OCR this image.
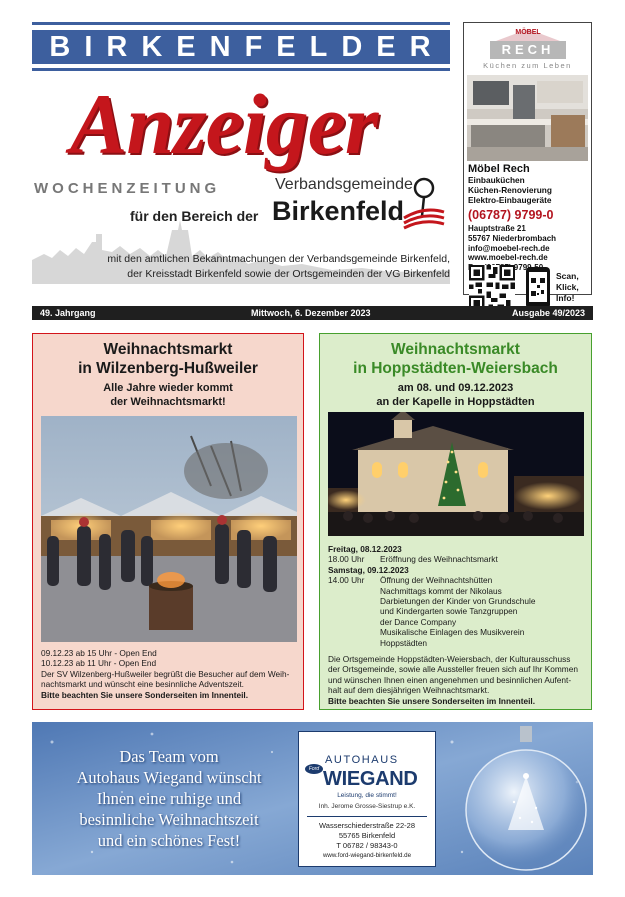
BIRKENFELDER
Anzeiger
WOCHENZEITUNG
für den Bereich der
Verbandsgemeinde
Birkenfeld
mit den amtlichen Bekanntmachungen der Verbandsgemeinde Birkenfeld,
der Kreisstadt Birkenfeld sowie der Ortsgemeinden der VG Birkenfeld
MÖBEL
RECH
Küchen zum Leben
Möbel Rech
Einbauküchen
Küchen-Renovierung
Elektro-Einbaugeräte
(06787) 9799-0
Hauptstraße 21
55767 Niederbrombach
info@moebel-rech.de
www.moebel-rech.de
Scan,
Klick,
Info!
49. Jahrgang	Mittwoch, 6. Dezember 2023	Ausgabe 49/2023
Weihnachtsmarkt
in Wilzenberg-Hußweiler
Alle Jahre wieder kommt
der Weihnachtsmarkt!
09.12.23 ab 15 Uhr - Open End
10.12.23 ab 11 Uhr - Open End
Der SV Wilzenberg-Hußweiler begrüßt die Besucher auf dem Weih-
nachtsmarkt und wünscht eine besinnliche Adventszeit.
Bitte beachten Sie unsere Sonderseiten im Innenteil.
Weihnachtsmarkt
in Hoppstädten-Weiersbach
am 08. und 09.12.2023
an der Kapelle in Hoppstädten
Freitag, 08.12.2023
18.00 Uhr	Eröffnung des Weihnachtsmarkt
Samstag, 09.12.2023
14.00 Uhr	Öffnung der Weihnachtshütten
Nachmittags kommt der Nikolaus
Darbietungen der Kinder von Grundschule
und Kindergarten sowie Tanzgruppen
der Dance Company
Musikalische Einlagen des Musikverein
Hoppstädten
Die Ortsgemeinde Hoppstädten-Weiersbach, der Kulturausschuss
der Ortsgemeinde, sowie alle Aussteller freuen sich auf Ihr Kommen
und wünschen Ihnen einen angenehmen und besinnlichen Aufent-
halt auf dem diesjährigen Weihnachtsmarkt.
Bitte beachten Sie unsere Sonderseiten im Innenteil.
Das Team vom
Autohaus Wiegand wünscht
Ihnen eine ruhige und
besinnliche Weihnachtszeit
und ein schönes Fest!
Ford
AUTOHAUS
WIEGAND
Leistung, die stimmt!
Inh. Jerome Grosse-Siestrup e.K.
Wasserschiederstraße 22-28
55765 Birkenfeld
T 06782 / 98343-0
www.ford-wiegand-birkenfeld.de
